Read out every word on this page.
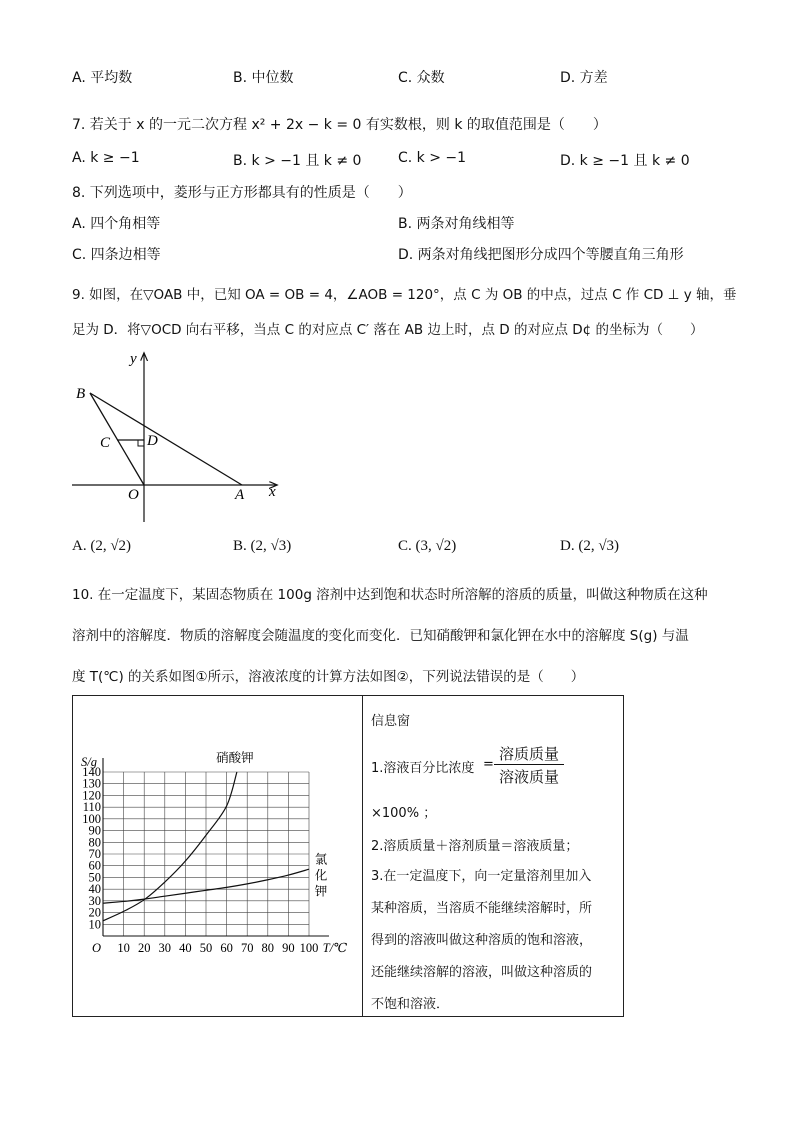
A. 平均数	B. 中位数	C. 众数	D. 方差
7. 若关于 x 的一元二次方程 x² + 2x − k = 0 有实数根，则 k 的取值范围是（　　）
A. k ≥ −1	B. k > −1 且 k ≠ 0	C. k > −1	D. k ≥ −1 且 k ≠ 0
8. 下列选项中，菱形与正方形都具有的性质是（　　）
A. 四个角相等	B. 两条对角线相等
C. 四条边相等	D. 两条对角线把图形分成四个等腰直角三角形
9. 如图，在▽OAB 中，已知 OA = OB = 4，∠AOB = 120°，点 C 为 OB 的中点，过点 C 作 CD ⊥ y 轴，垂
足为 D．将▽OCD 向右平移，当点 C 的对应点 C′ 落在 AB 边上时，点 D 的对应点 D¢ 的坐标为（　　）
B
C D
O	A x
y
A. (2, √2)	B. (2, √3)	C. (3, √2)	D. (2, √3)
10. 在一定温度下，某固态物质在 100g 溶剂中达到饱和状态时所溶解的溶质的质量，叫做这种物质在这种
溶剂中的溶解度．物质的溶解度会随温度的变化而变化．已知硝酸钾和氯化钾在水中的溶解度 S(g) 与温
度 T(℃) 的关系如图①所示，溶液浓度的计算方法如图②，下列说法错误的是（　　）
10 20 30 40 50 60 70 80 90 100
10
20
30
40
50
60
70
80
90
100
110
120
130
140
O
S/g
T/℃
硝酸钾
氯
化
钾
信息窗
1.溶液百分比浓度 =
溶质质量
溶液质量
×100% ；
2.溶质质量＋溶剂质量＝溶液质量；
3.在一定温度下，向一定量溶剂里加入
某种溶质，当溶质不能继续溶解时，所
得到的溶液叫做这种溶质的饱和溶液，
还能继续溶解的溶液，叫做这种溶质的
不饱和溶液．
